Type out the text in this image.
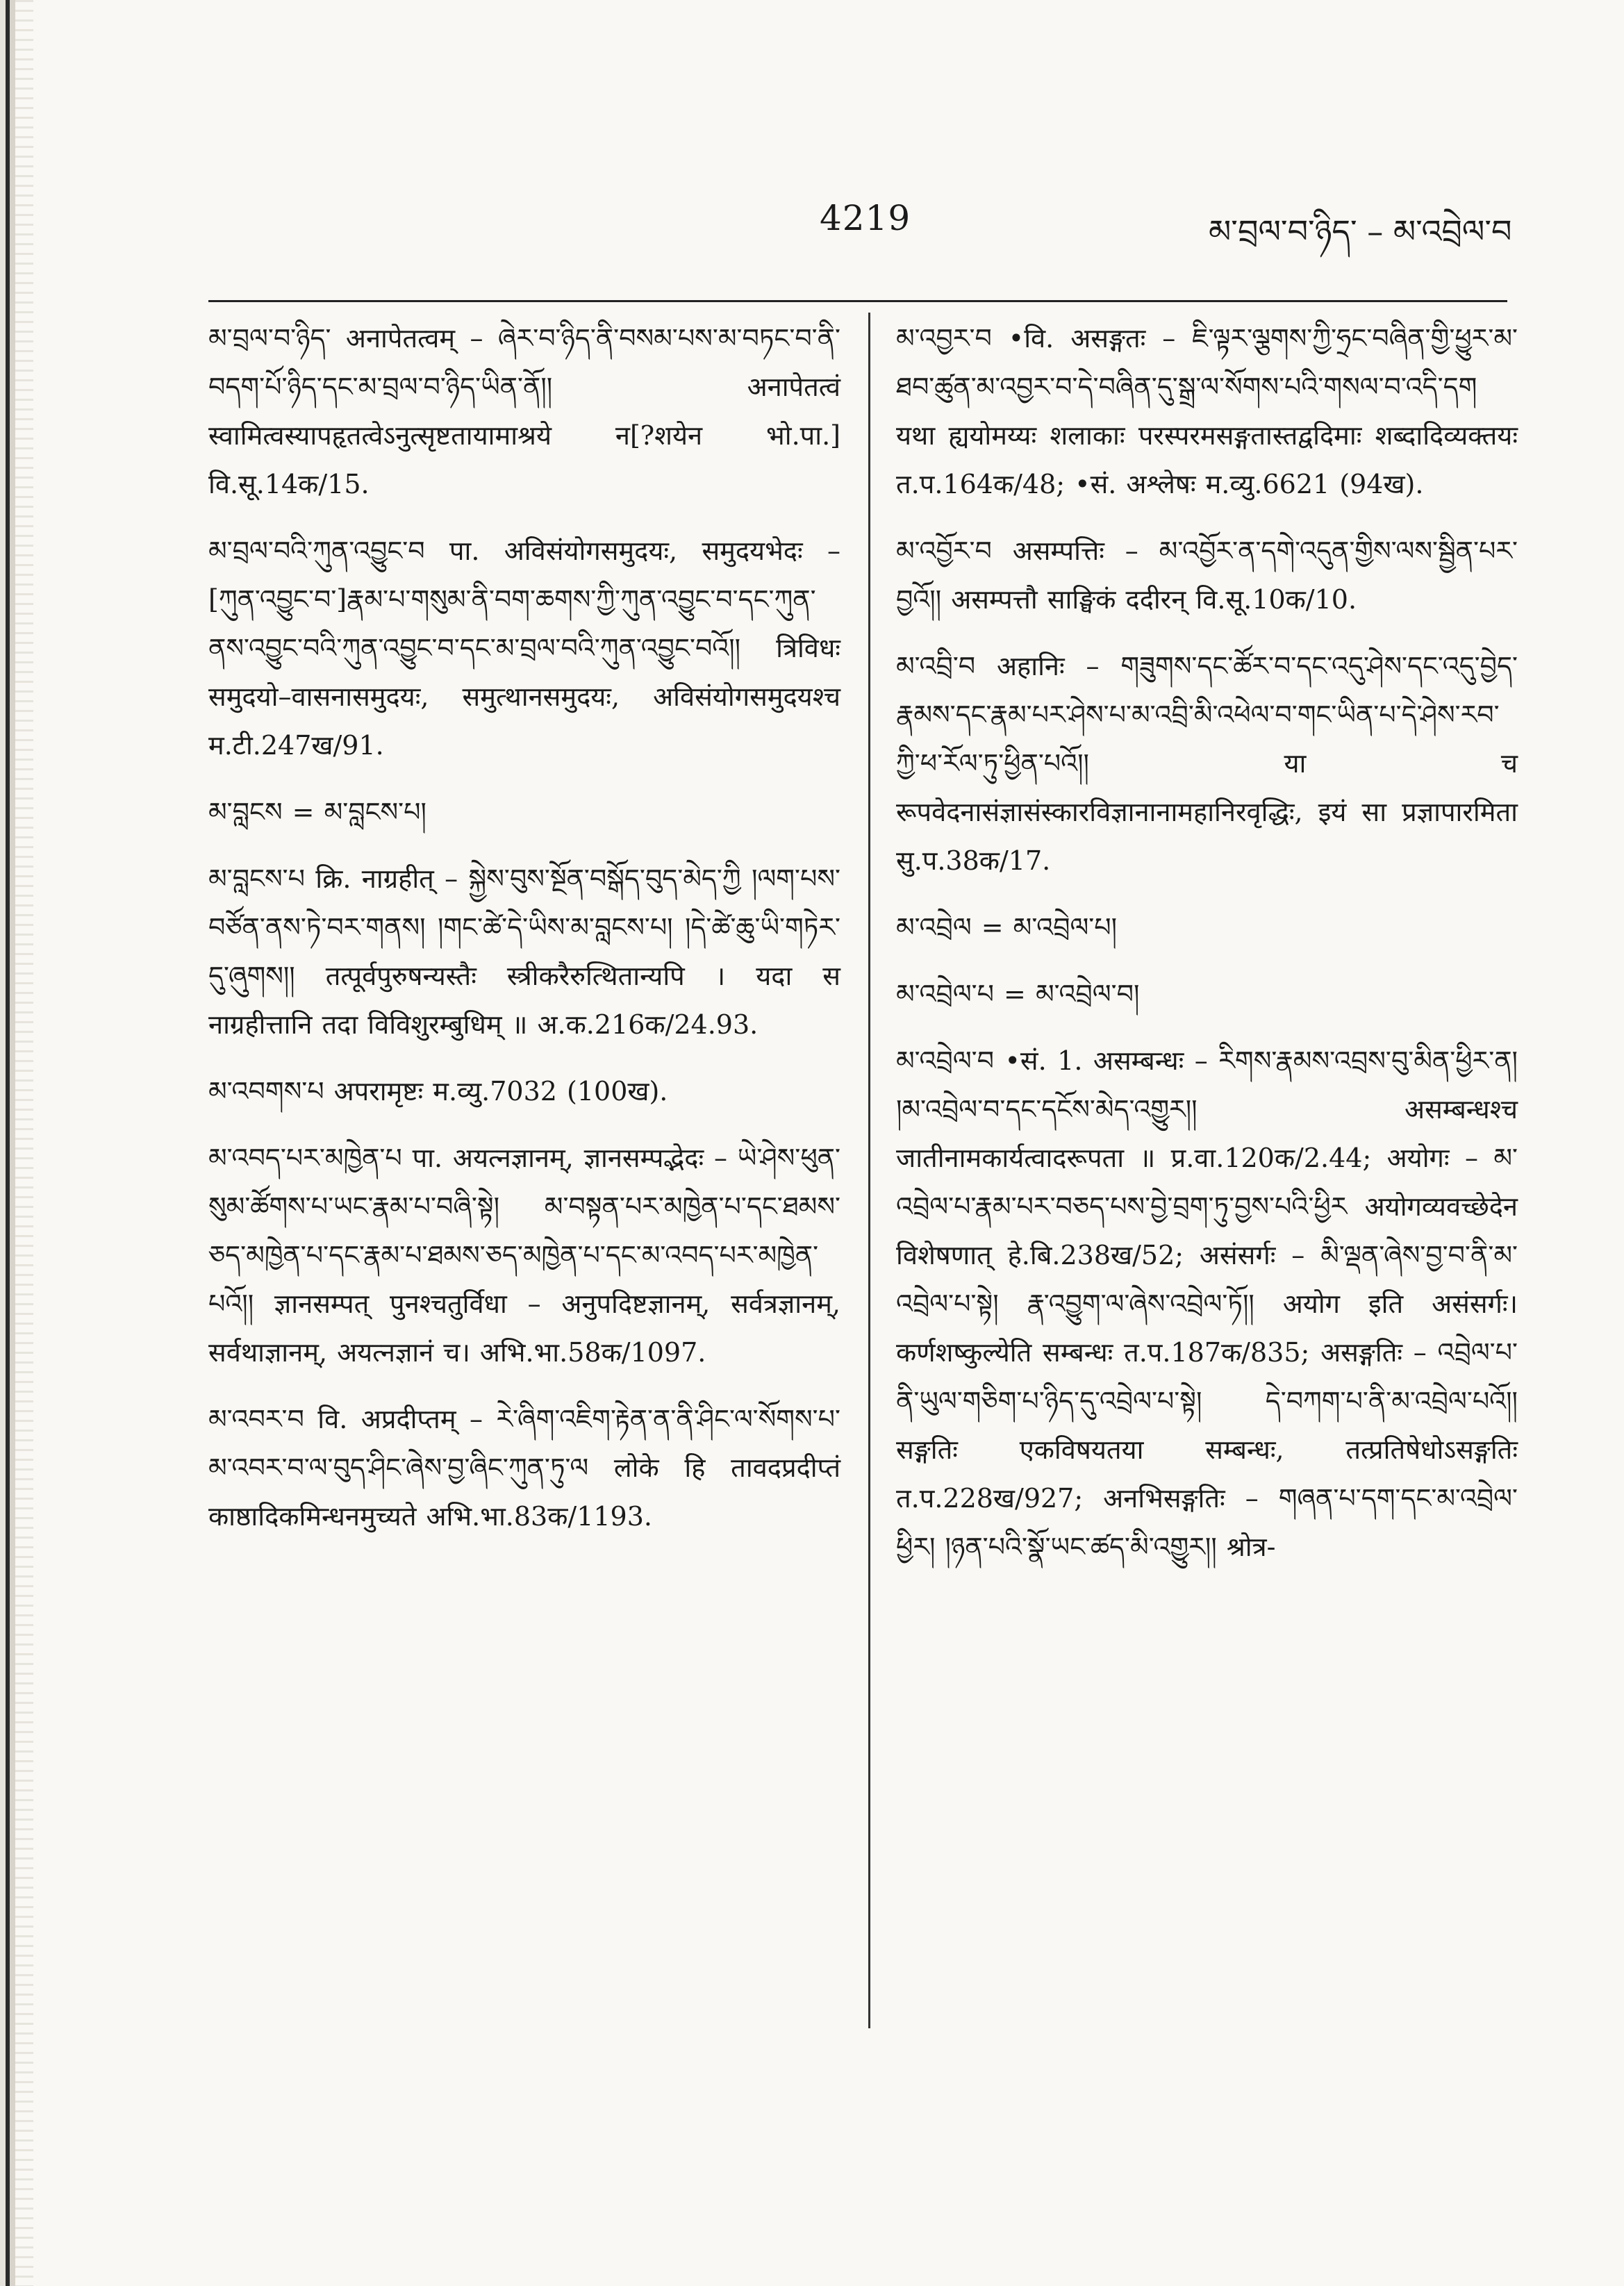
4219	མ་བྲལ་བ་ཉིད་ – མ་འབྲེལ་བ

མ་བྲལ་བ་ཉིད་ अनापेतत्वम् – ཞེར་བ་ཉིད་ནི་བསམ་པས་མ་བཏང་བ་ནི་བདག་པོ་ཉིད་དང་མ་བྲལ་བ་ཉིད་ཡིན་ནོ།། अनापेतत्वं स्वामित्वस्यापहृतत्वेऽनुत्सृष्टतायामाश्रये न[?शयेन भो.पा.] वि.सू.14क/15.

མ་བྲལ་བའི་ཀུན་འབྱུང་བ पा. अविसंयोगसमुदयः, समुदयभेदः – [ཀུན་འབྱུང་བ་]རྣམ་པ་གསུམ་ནི་བག་ཆགས་ཀྱི་ཀུན་འབྱུང་བ་དང་ཀུན་ནས་འབྱུང་བའི་ཀུན་འབྱུང་བ་དང་མ་བྲལ་བའི་ཀུན་འབྱུང་བའོ།། त्रिविधः समुदयो–वासनासमुदयः, समुत्थानसमुदयः, अविसंयोगसमुदयश्च म.टी.247ख/91.

མ་བླངས = མ་བླངས་པ།

མ་བླངས་པ क्रि. नाग्रहीत् – སྐྱེས་བུས་སྔོན་བསྒོད་བུད་མེད་ཀྱི །ལག་པས་བཙོན་ནས་ཏེ་བར་གནས། །གང་ཚེ་དེ་ཡིས་མ་བླངས་པ། །དེ་ཚེ་ཆུ་ཡི་གཏེར་དུ་ཞུགས།། तत्पूर्वपुरुषन्यस्तैः स्त्रीकरैरुत्थितान्यपि । यदा स नाग्रहीत्तानि तदा विविशुरम्बुधिम् ॥ अ.क.216क/24.93.

མ་འབགས་པ अपरामृष्टः म.व्यु.7032 (100ख).

མ་འབད་པར་མཁྱེན་པ पा. अयत्नज्ञानम्, ज्ञानसम्पद्भेदः – ཡེ་ཤེས་ཕུན་སུམ་ཚོགས་པ་ཡང་རྣམ་པ་བཞི་སྟེ། མ་བསྟན་པར་མཁྱེན་པ་དང་ཐམས་ཅད་མཁྱེན་པ་དང་རྣམ་པ་ཐམས་ཅད་མཁྱེན་པ་དང་མ་འབད་པར་མཁྱེན་པའོ།། ज्ञानसम्पत् पुनश्चतुर्विधा – अनुपदिष्टज्ञानम्, सर्वत्रज्ञानम्, सर्वथाज्ञानम्, अयत्नज्ञानं च। अभि.भा.58क/1097.

མ་འབར་བ वि. अप्रदीप्तम् – རེ་ཞིག་འཇིག་རྟེན་ན་ནི་ཤིང་ལ་སོགས་པ་མ་འབར་བ་ལ་བུད་ཤིང་ཞེས་བྱ་ཞིང་ཀུན་ཏུ་ལ लोके हि तावदप्रदीप्तं काष्ठादिकमिन्धनमुच्यते अभि.भा.83क/1193.

མ་འབྱར་བ •वि. असङ्गतः – ཇི་ལྟར་ལྕགས་ཀྱི་ཧྲང་བཞིན་གྱི་ཕྱུར་མ་ཐབ་ཚུན་མ་འབྱར་བ་དེ་བཞིན་དུ་སྒྲ་ལ་སོགས་པའི་གསལ་བ་འདི་དག यथा ह्ययोमय्यः शलाकाः परस्परमसङ्गतास्तद्वदिमाः शब्दादिव्यक्तयः त.प.164क/48; •सं. अश्लेषः म.व्यु.6621 (94ख).

མ་འབྱོར་བ असम्पत्तिः – མ་འབྱོར་ན་དགེ་འདུན་གྱིས་ལས་སྦྱིན་པར་བྱའོ།། असम्पत्तौ साङ्घिकं ददीरन् वि.सू.10क/10.

མ་འབྲི་བ अहानिः – གཟུགས་དང་ཚོར་བ་དང་འདུ་ཤེས་དང་འདུ་བྱེད་རྣམས་དང་རྣམ་པར་ཤེས་པ་མ་འབྲི་མི་འཕེལ་བ་གང་ཡིན་པ་དེ་ཤེས་རབ་ཀྱི་ཕ་རོལ་ཏུ་ཕྱིན་པའོ།། या च रूपवेदनासंज्ञासंस्कारविज्ञानानामहानिरवृद्धिः, इयं सा प्रज्ञापारमिता सु.प.38क/17.

མ་འབྲེལ = མ་འབྲེལ་པ།

མ་འབྲེལ་པ = མ་འབྲེལ་བ།

མ་འབྲེལ་བ •सं. 1. असम्बन्धः – རིགས་རྣམས་འབྲས་བུ་མིན་ཕྱིར་ན། །མ་འབྲེལ་བ་དང་དངོས་མེད་འགྱུར།། असम्बन्धश्च जातीनामकार्यत्वादरूपता ॥ प्र.वा.120क/2.44; अयोगः – མ་འབྲེལ་པ་རྣམ་པར་བཅད་པས་བྱེ་བྲག་ཏུ་བྱས་པའི་ཕྱིར अयोगव्यवच्छेदेन विशेषणात् हे.बि.238ख/52; असंसर्गः – མི་ལྡན་ཞེས་བྱ་བ་ནི་མ་འབྲེལ་པ་སྟེ། རྣ་འབྱུག་ལ་ཞེས་འབྲེལ་ཏོ།། अयोग इति असंसर्गः। कर्णशष्कुल्येति सम्बन्धः त.प.187क/835; असङ्गतिः – འབྲེལ་པ་ནི་ཡུལ་གཅིག་པ་ཉིད་དུ་འབྲེལ་པ་སྟེ། དེ་བཀག་པ་ནི་མ་འབྲེལ་པའོ།། सङ्गतिः एकविषयतया सम्बन्धः, तत्प्रतिषेधोऽसङ्गतिः त.प.228ख/927; अनभिसङ्गतिः – གཞན་པ་དག་དང་མ་འབྲེལ་ཕྱིར། །ཉན་པའི་སྣོ་ཡང་ཚད་མི་འགྱུར།། श्रोत्र-
